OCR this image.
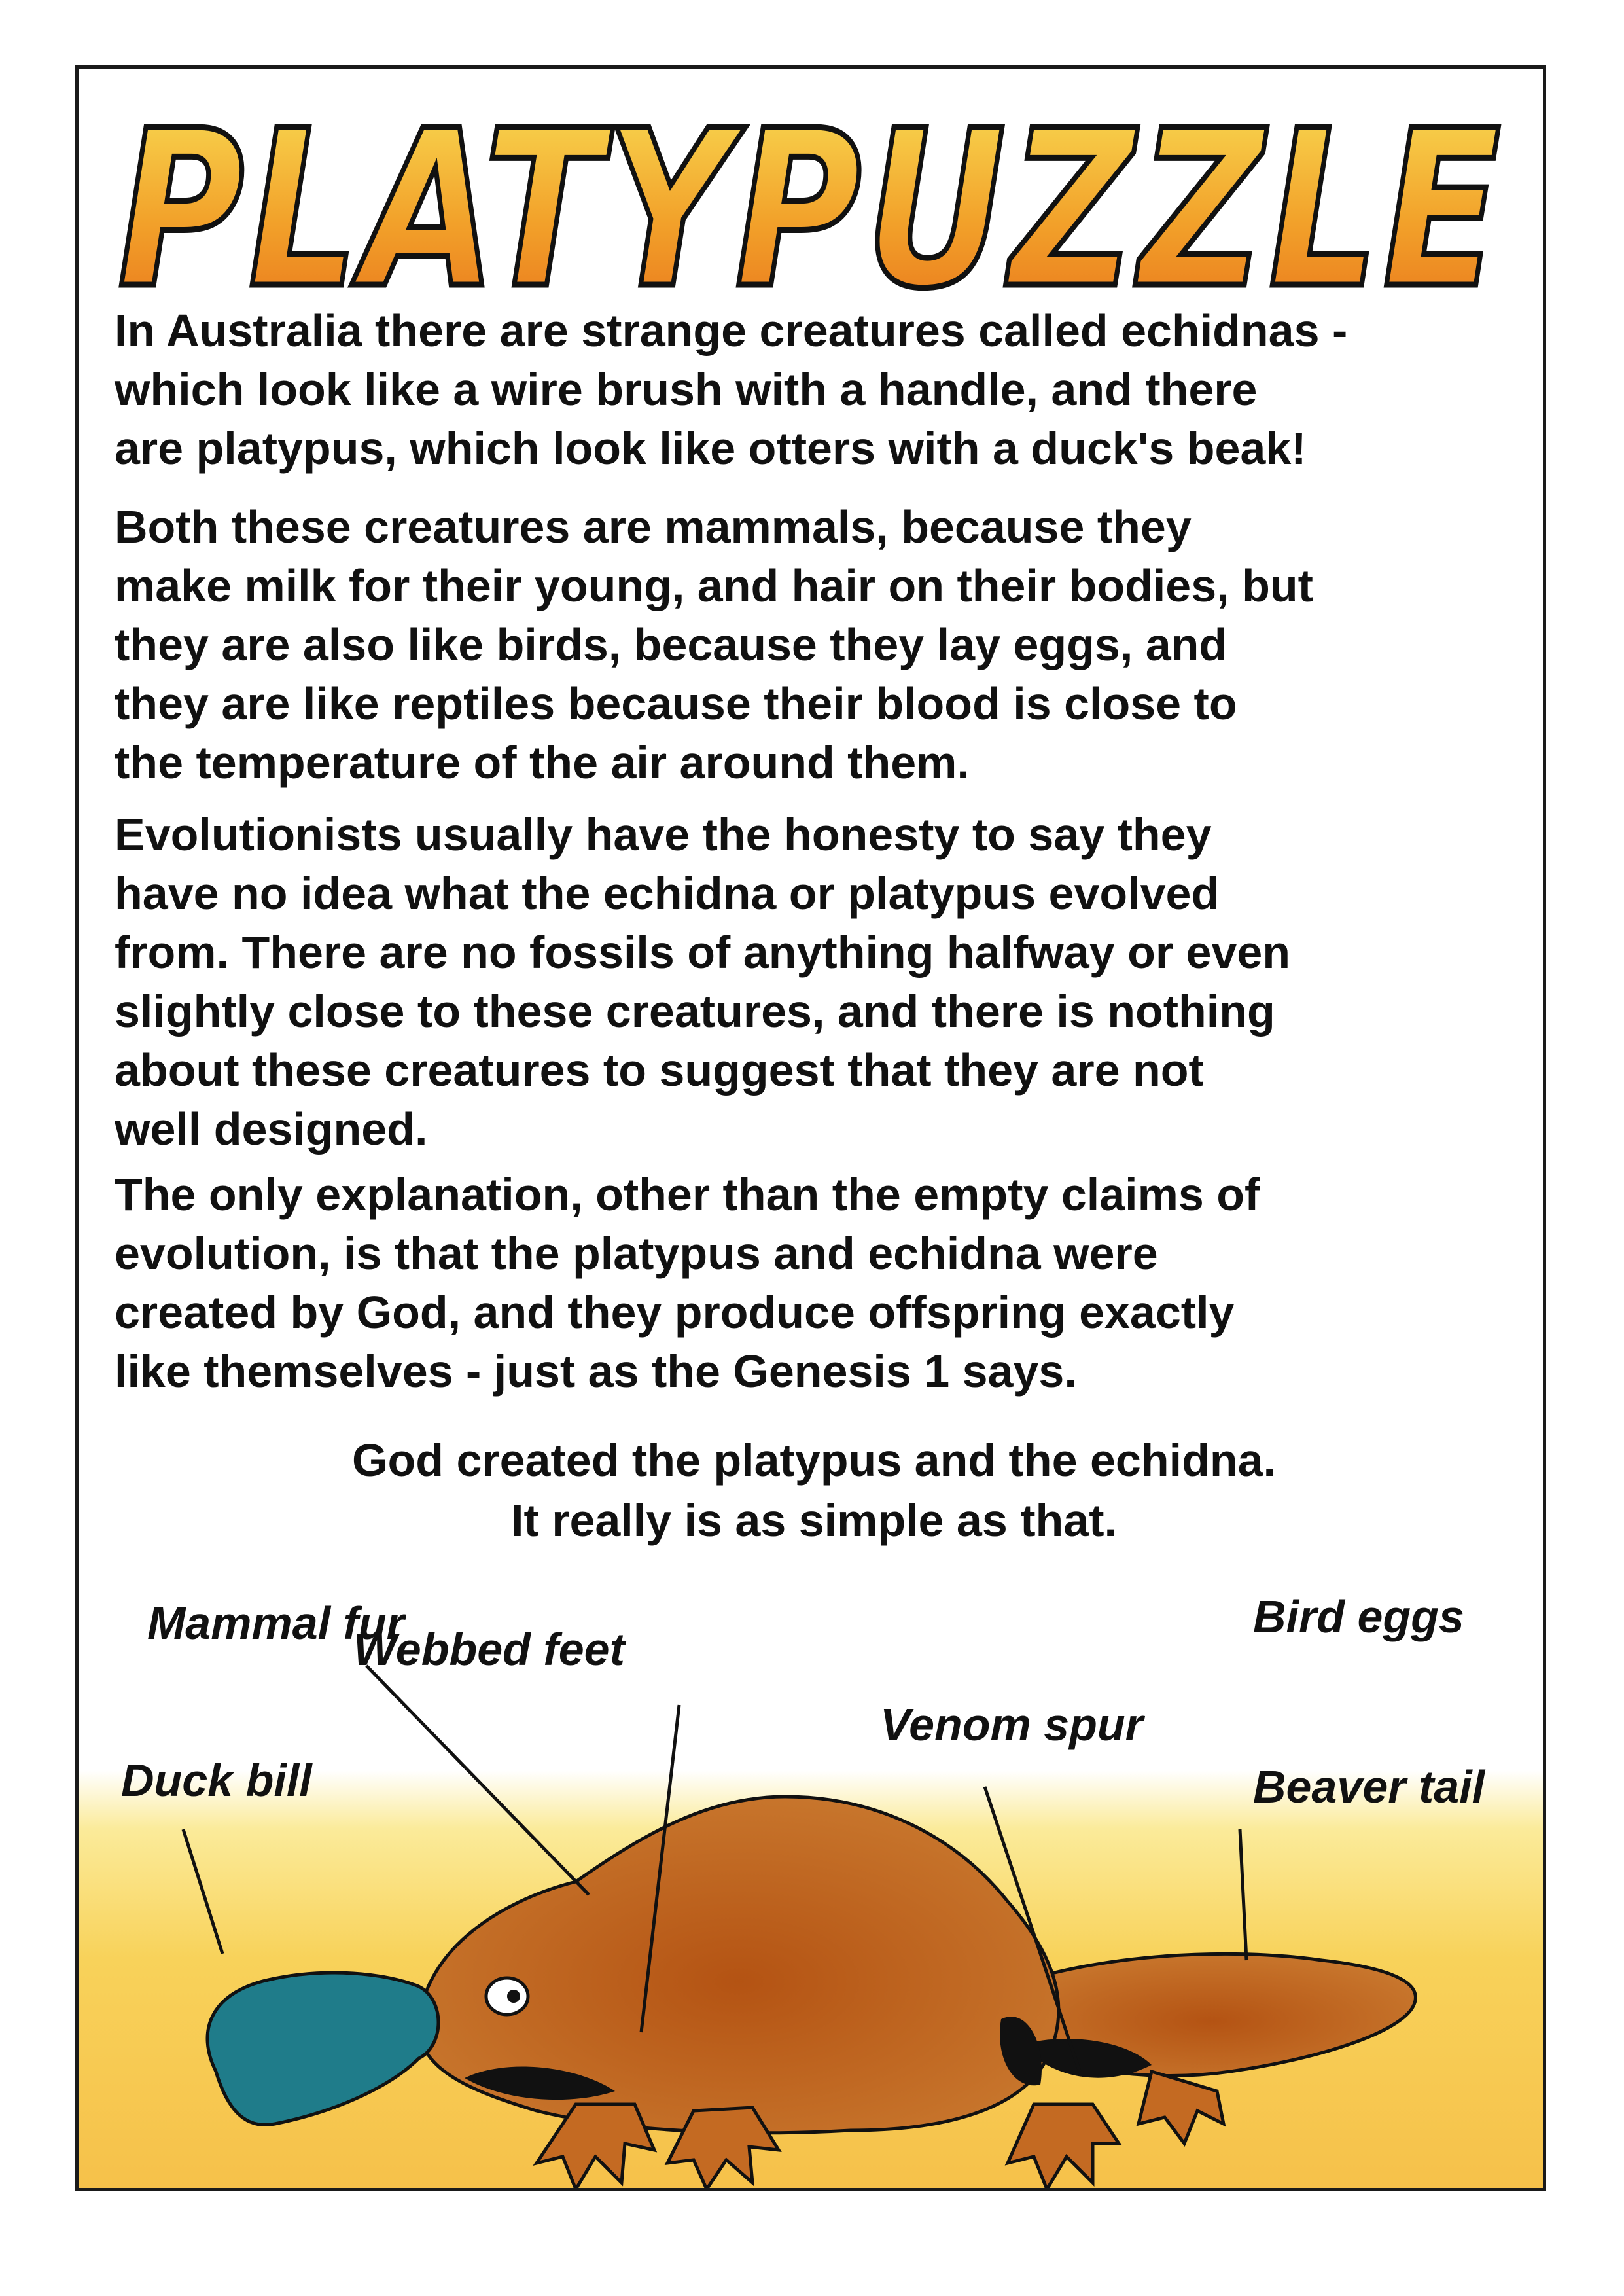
PLATYPUZZLE
In Australia there are strange creatures called echidnas -
which look like a wire brush with a handle, and there
are platypus, which look like otters with a duck's beak!
Both these creatures are mammals, because they
make milk for their young, and hair on their bodies, but
they are also like birds, because they lay eggs, and
they are like reptiles because their blood is close to
the temperature of the air around them.
Evolutionists usually have the honesty to say they
have no idea what the echidna or platypus evolved
from. There are no fossils of anything halfway or even
slightly close to these creatures, and there is nothing
about these creatures to suggest that they are not
well designed.
The only explanation, other than the empty claims of
evolution, is that the platypus and echidna were
created by God, and they produce offspring exactly
like themselves - just as the Genesis 1 says.
God created the platypus and the echidna.
It really is as simple as that.
Mammal fur
Webbed feet
Bird eggs
Venom spur
Duck bill	Beaver tail
